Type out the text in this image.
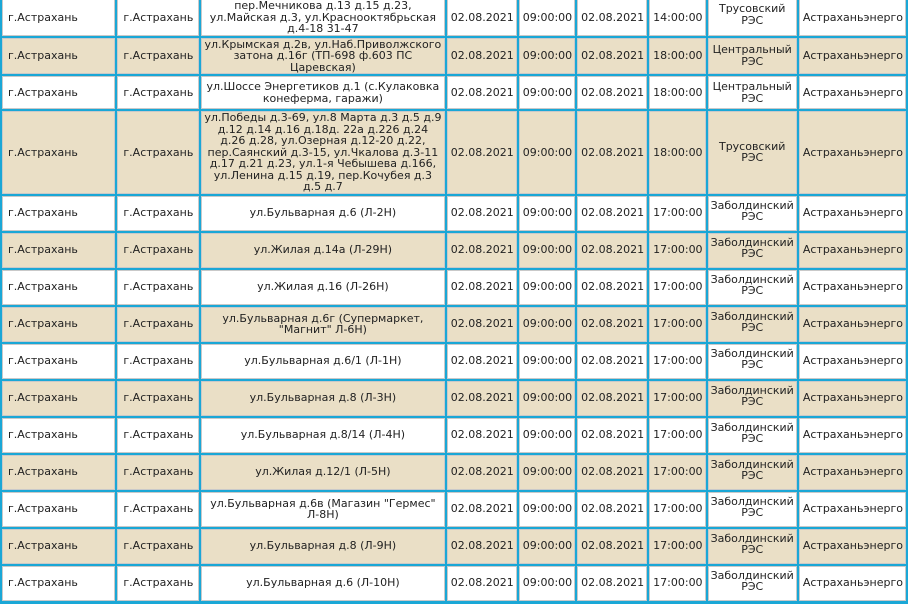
г.Астрахань	г.Астрахань	пер.Мечникова д.13 д.15 д.23, ул.Майская д.3, ул.Краснооктябрьская д.4-18 31-47	02.08.2021	09:00:00	02.08.2021	14:00:00	Трусовский РЭС	Астраханьэнерго
г.Астрахань	г.Астрахань	ул.Крымская д.2в, ул.Наб.Приволжского затона д.16г (ТП-698 ф.603 ПС Царевская)	02.08.2021	09:00:00	02.08.2021	18:00:00	Центральный РЭС	Астраханьэнерго
г.Астрахань	г.Астрахань	ул.Шоссе Энергетиков д.1 (с.Кулаковка конеферма, гаражи)	02.08.2021	09:00:00	02.08.2021	18:00:00	Центральный РЭС	Астраханьэнерго
г.Астрахань	г.Астрахань	ул.Победы д.3-69, ул.8 Марта д.3 д.5 д.9 д.12 д.14 д.16 д.18д. 22а д.226 д.24 д.26 д.28, ул.Озерная д.12-20 д.22, пер.Саянский д.3-15, ул.Чкалова д.3-11 д.17 д.21 д.23, ул.1-я Чебышева д.166, ул.Ленина д.15 д.19, пер.Кочубея д.3 д.5 д.7	02.08.2021	09:00:00	02.08.2021	18:00:00	Трусовский РЭС	Астраханьэнерго
г.Астрахань	г.Астрахань	ул.Бульварная д.6 (Л-2Н)	02.08.2021	09:00:00	02.08.2021	17:00:00	Заболдинский РЭС	Астраханьэнерго
г.Астрахань	г.Астрахань	ул.Жилая д.14а (Л-29Н)	02.08.2021	09:00:00	02.08.2021	17:00:00	Заболдинский РЭС	Астраханьэнерго
г.Астрахань	г.Астрахань	ул.Жилая д.16 (Л-26Н)	02.08.2021	09:00:00	02.08.2021	17:00:00	Заболдинский РЭС	Астраханьэнерго
г.Астрахань	г.Астрахань	ул.Бульварная д.6г (Супермаркет, "Магнит" Л-6Н)	02.08.2021	09:00:00	02.08.2021	17:00:00	Заболдинский РЭС	Астраханьэнерго
г.Астрахань	г.Астрахань	ул.Бульварная д.6/1 (Л-1Н)	02.08.2021	09:00:00	02.08.2021	17:00:00	Заболдинский РЭС	Астраханьэнерго
г.Астрахань	г.Астрахань	ул.Бульварная д.8 (Л-3Н)	02.08.2021	09:00:00	02.08.2021	17:00:00	Заболдинский РЭС	Астраханьэнерго
г.Астрахань	г.Астрахань	ул.Бульварная д.8/14 (Л-4Н)	02.08.2021	09:00:00	02.08.2021	17:00:00	Заболдинский РЭС	Астраханьэнерго
г.Астрахань	г.Астрахань	ул.Жилая д.12/1 (Л-5Н)	02.08.2021	09:00:00	02.08.2021	17:00:00	Заболдинский РЭС	Астраханьэнерго
г.Астрахань	г.Астрахань	ул.Бульварная д.6в (Магазин "Гермес" Л-8Н)	02.08.2021	09:00:00	02.08.2021	17:00:00	Заболдинский РЭС	Астраханьэнерго
г.Астрахань	г.Астрахань	ул.Бульварная д.8 (Л-9Н)	02.08.2021	09:00:00	02.08.2021	17:00:00	Заболдинский РЭС	Астраханьэнерго
г.Астрахань	г.Астрахань	ул.Бульварная д.6 (Л-10Н)	02.08.2021	09:00:00	02.08.2021	17:00:00	Заболдинский РЭС	Астраханьэнерго
